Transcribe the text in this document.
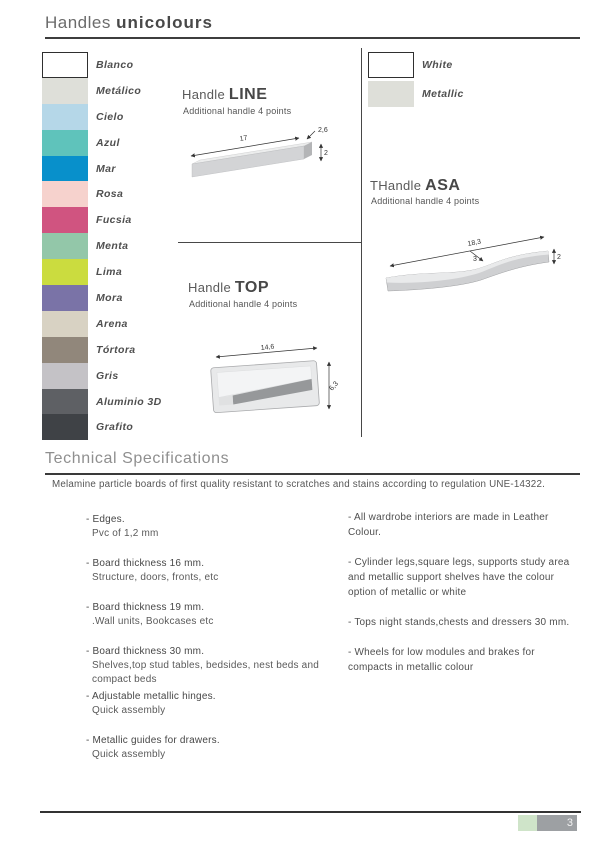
Handles unicolours
Blanco
Metálico
Cielo
Azul
Mar
Rosa
Fucsia
Menta
Lima
Mora
Arena
Tórtora
Gris
Aluminio 3D
Grafito
Handle LINE
Additional handle 4 points
17
2,6
2
Handle TOP
Additional handle 4 points
14,6
6,3
White
Metallic
THandle ASA
Additional handle 4 points
18,3
3	2
Technical Specifications
Melamine particle boards of first quality resistant to scratches and stains according to regulation UNE-14322.
- Edges.
Pvc of 1,2 mm
- Board thickness 16 mm.
Structure, doors, fronts, etc
- Board thickness 19 mm.
.Wall units, Bookcases etc
- Board thickness 30 mm.
Shelves,top stud tables, bedsides, nest beds and compact beds
- Adjustable metallic hinges.
Quick assembly
- Metallic guides for drawers.
Quick assembly
- All wardrobe interiors are made in Leather Colour.
- Cylinder legs,square legs, supports study area and metallic support shelves have the colour option of metallic or white
- Tops night stands,chests and dressers 30 mm.
- Wheels for low modules and brakes for compacts in metallic colour
3
